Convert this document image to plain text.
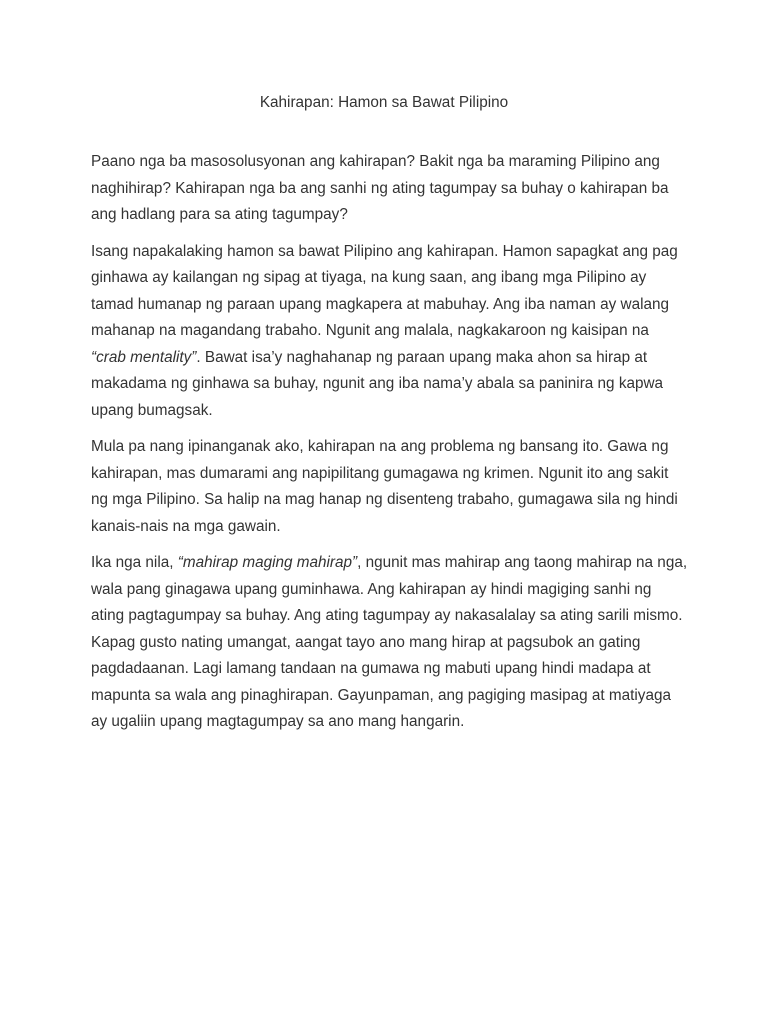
Kahirapan: Hamon sa Bawat Pilipino

Paano nga ba masosolusyonan ang kahirapan? Bakit nga ba maraming Pilipino ang
naghihirap? Kahirapan nga ba ang sanhi ng ating tagumpay sa buhay o kahirapan ba
ang hadlang para sa ating tagumpay?

Isang napakalaking hamon sa bawat Pilipino ang kahirapan. Hamon sapagkat ang pag
ginhawa ay kailangan ng sipag at tiyaga, na kung saan, ang ibang mga Pilipino ay
tamad humanap ng paraan upang magkapera at mabuhay. Ang iba naman ay walang
mahanap na magandang trabaho. Ngunit ang malala, nagkakaroon ng kaisipan na
“crab mentality”. Bawat isa’y naghahanap ng paraan upang maka ahon sa hirap at
makadama ng ginhawa sa buhay, ngunit ang iba nama’y abala sa paninira ng kapwa
upang bumagsak.

Mula pa nang ipinanganak ako, kahirapan na ang problema ng bansang ito. Gawa ng
kahirapan, mas dumarami ang napipilitang gumagawa ng krimen. Ngunit ito ang sakit
ng mga Pilipino. Sa halip na mag hanap ng disenteng trabaho, gumagawa sila ng hindi
kanais-nais na mga gawain.

Ika nga nila, “mahirap maging mahirap”, ngunit mas mahirap ang taong mahirap na nga,
wala pang ginagawa upang guminhawa. Ang kahirapan ay hindi magiging sanhi ng
ating pagtagumpay sa buhay. Ang ating tagumpay ay nakasalalay sa ating sarili mismo.
Kapag gusto nating umangat, aangat tayo ano mang hirap at pagsubok an gating
pagdadaanan. Lagi lamang tandaan na gumawa ng mabuti upang hindi madapa at
mapunta sa wala ang pinaghirapan. Gayunpaman, ang pagiging masipag at matiyaga
ay ugaliin upang magtagumpay sa ano mang hangarin.
